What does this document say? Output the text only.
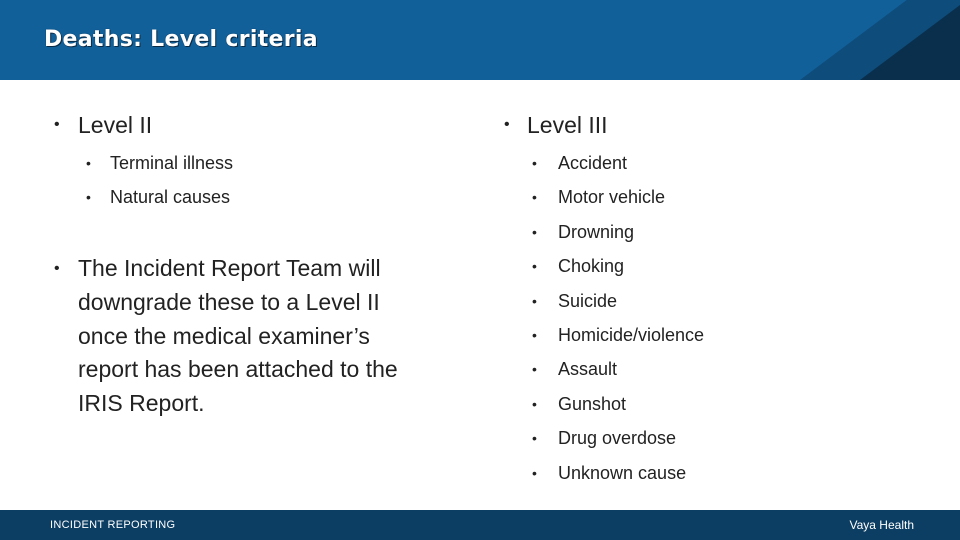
Deaths: Level criteria
• Level II
• Terminal illness
• Natural causes
• The Incident Report Team will downgrade these to a Level II once the medical examiner’s report has been attached to the IRIS Report.
• Level III
• Accident
• Motor vehicle
• Drowning
• Choking
• Suicide
• Homicide/violence
• Assault
• Gunshot
• Drug overdose
• Unknown cause
INCIDENT REPORTING	Vaya Health
